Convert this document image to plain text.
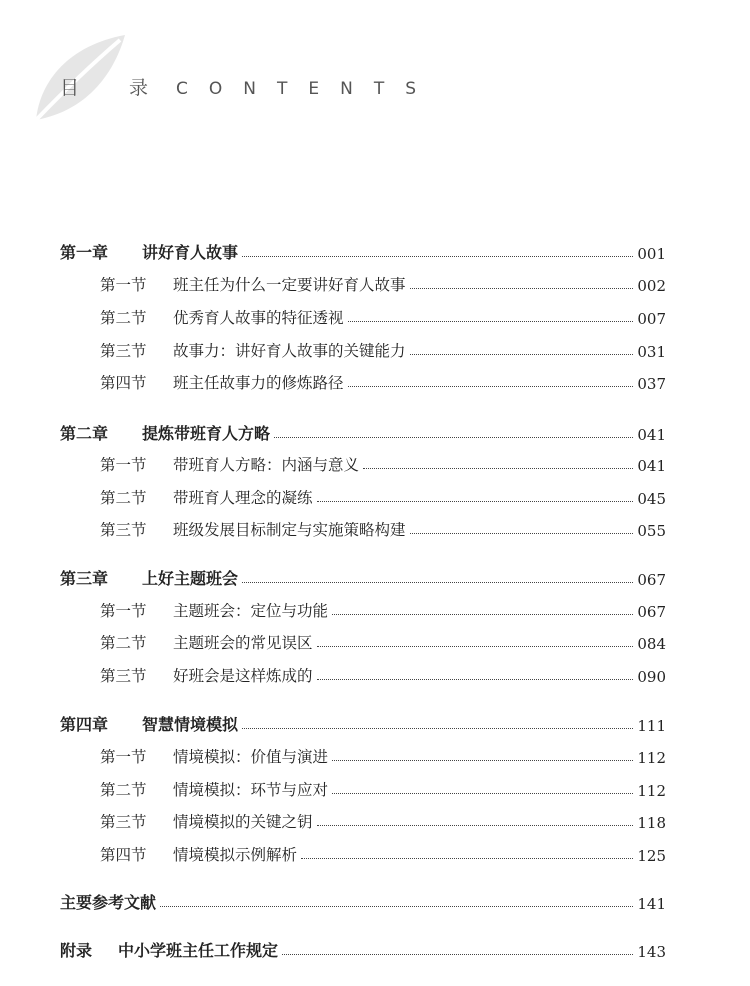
目 录 CONTENTS
第一章	讲好育人故事	001
第一节	班主任为什么一定要讲好育人故事	002
第二节	优秀育人故事的特征透视	007
第三节	故事力：讲好育人故事的关键能力	031
第四节	班主任故事力的修炼路径	037
第二章	提炼带班育人方略	041
第一节	带班育人方略：内涵与意义	041
第二节	带班育人理念的凝练	045
第三节	班级发展目标制定与实施策略构建	055
第三章	上好主题班会	067
第一节	主题班会：定位与功能	067
第二节	主题班会的常见误区	084
第三节	好班会是这样炼成的	090
第四章	智慧情境模拟	111
第一节	情境模拟：价值与演进	112
第二节	情境模拟：环节与应对	112
第三节	情境模拟的关键之钥	118
第四节	情境模拟示例解析	125
主要参考文献	141
附录	中小学班主任工作规定	143
